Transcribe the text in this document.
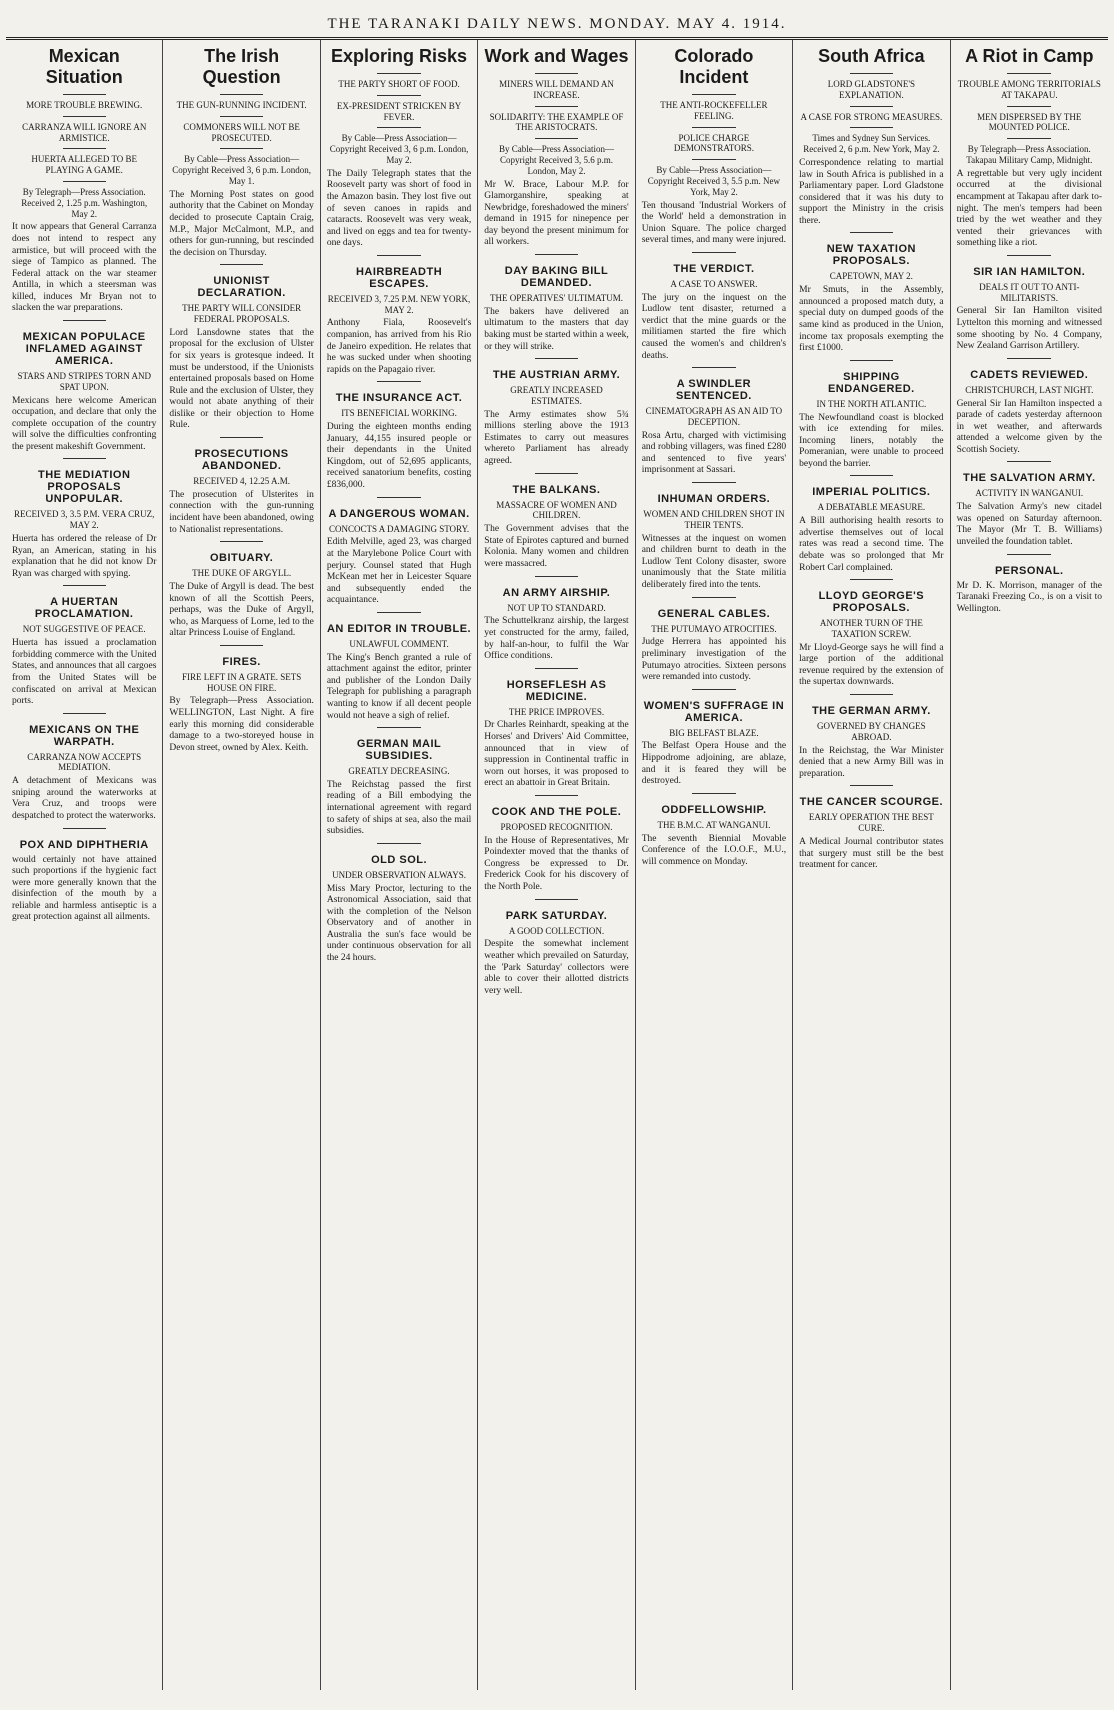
THE TARANAKI DAILY NEWS. MONDAY. MAY 4. 1914.
Mexican Situation
MORE TROUBLE BREWING.
CARRANZA WILL IGNORE AN ARMISTICE.
HUERTA ALLEGED TO BE PLAYING A GAME.
By Telegraph—Press Association. Received 2, 1.25 p.m. Washington, May 2.
It now appears that General Carranza does not intend to respect any armistice, but will proceed with the siege of Tampico as planned. The Federal attack on the war steamer Antilla, in which a steersman was killed, induces Mr Bryan not to slacken the war preparations.
MEXICAN POPULACE INFLAMED AGAINST AMERICA.
STARS AND STRIPES TORN AND SPAT UPON.
Mexicans here welcome American occupation, and declare that only the complete occupation of the country will solve the difficulties confronting the present makeshift Government.
THE MEDIATION PROPOSALS UNPOPULAR.
RECEIVED 3, 3.5 P.M. VERA CRUZ, MAY 2.
Huerta has ordered the release of Dr Ryan, an American, stating in his explanation that he did not know Dr Ryan was charged with spying.
A HUERTAN PROCLAMATION.
NOT SUGGESTIVE OF PEACE.
Huerta has issued a proclamation forbidding commerce with the United States, and announces that all cargoes from the United States will be confiscated on arrival at Mexican ports.
MEXICANS ON THE WARPATH.
CARRANZA NOW ACCEPTS MEDIATION.
A detachment of Mexicans was sniping around the waterworks at Vera Cruz, and troops were despatched to protect the waterworks.
POX AND DIPHTHERIA
would certainly not have attained such proportions if the hygienic fact were more generally known that the disinfection of the mouth by a reliable and harmless antiseptic is a great protection against all ailments.
The Irish Question
THE GUN-RUNNING INCIDENT.
COMMONERS WILL NOT BE PROSECUTED.
By Cable—Press Association—Copyright Received 3, 6 p.m. London, May 1.
The Morning Post states on good authority that the Cabinet on Monday decided to prosecute Captain Craig, M.P., Major McCalmont, M.P., and others for gun-running, but rescinded the decision on Thursday.
UNIONIST DECLARATION.
THE PARTY WILL CONSIDER FEDERAL PROPOSALS.
Lord Lansdowne states that the proposal for the exclusion of Ulster for six years is grotesque indeed. It must be understood, if the Unionists entertained proposals based on Home Rule and the exclusion of Ulster, they would not abate anything of their dislike or their objection to Home Rule.
PROSECUTIONS ABANDONED.
RECEIVED 4, 12.25 A.M.
The prosecution of Ulsterites in connection with the gun-running incident have been abandoned, owing to Nationalist representations.
OBITUARY.
THE DUKE OF ARGYLL.
The Duke of Argyll is dead. The best known of all the Scottish Peers, perhaps, was the Duke of Argyll, who, as Marquess of Lorne, led to the altar Princess Louise of England.
FIRES.
FIRE LEFT IN A GRATE. SETS HOUSE ON FIRE.
By Telegraph—Press Association. WELLINGTON, Last Night. A fire early this morning did considerable damage to a two-storeyed house in Devon street, owned by Alex. Keith.
Exploring Risks
THE PARTY SHORT OF FOOD.
EX-PRESIDENT STRICKEN BY FEVER.
By Cable—Press Association—Copyright Received 3, 6 p.m. London, May 2.
The Daily Telegraph states that the Roosevelt party was short of food in the Amazon basin. They lost five out of seven canoes in rapids and cataracts. Roosevelt was very weak, and lived on eggs and tea for twenty-one days.
HAIRBREADTH ESCAPES.
RECEIVED 3, 7.25 P.M. NEW YORK, MAY 2.
Anthony Fiala, Roosevelt's companion, has arrived from his Rio de Janeiro expedition. He relates that he was sucked under when shooting rapids on the Papagaio river.
THE INSURANCE ACT.
ITS BENEFICIAL WORKING.
During the eighteen months ending January, 44,155 insured people or their dependants in the United Kingdom, out of 52,695 applicants, received sanatorium benefits, costing £836,000.
A DANGEROUS WOMAN.
CONCOCTS A DAMAGING STORY.
Edith Melville, aged 23, was charged at the Marylebone Police Court with perjury. Counsel stated that Hugh McKean met her in Leicester Square and subsequently ended the acquaintance.
AN EDITOR IN TROUBLE.
UNLAWFUL COMMENT.
The King's Bench granted a rule of attachment against the editor, printer and publisher of the London Daily Telegraph for publishing a paragraph wanting to know if all decent people would not heave a sigh of relief.
GERMAN MAIL SUBSIDIES.
GREATLY DECREASING.
The Reichstag passed the first reading of a Bill embodying the international agreement with regard to safety of ships at sea, also the mail subsidies.
OLD SOL.
UNDER OBSERVATION ALWAYS.
Miss Mary Proctor, lecturing to the Astronomical Association, said that with the completion of the Nelson Observatory and of another in Australia the sun's face would be under continuous observation for all the 24 hours.
Work and Wages
MINERS WILL DEMAND AN INCREASE.
SOLIDARITY: THE EXAMPLE OF THE ARISTOCRATS.
By Cable—Press Association—Copyright Received 3, 5.6 p.m. London, May 2.
Mr W. Brace, Labour M.P. for Glamorganshire, speaking at Newbridge, foreshadowed the miners' demand in 1915 for ninepence per day beyond the present minimum for all workers.
DAY BAKING BILL DEMANDED.
THE OPERATIVES' ULTIMATUM.
The bakers have delivered an ultimatum to the masters that day baking must be started within a week, or they will strike.
THE AUSTRIAN ARMY.
GREATLY INCREASED ESTIMATES.
The Army estimates show 5¾ millions sterling above the 1913 Estimates to carry out measures whereto Parliament has already agreed.
THE BALKANS.
MASSACRE OF WOMEN AND CHILDREN.
The Government advises that the State of Epirotes captured and burned Kolonia. Many women and children were massacred.
AN ARMY AIRSHIP.
NOT UP TO STANDARD.
The Schuttelkranz airship, the largest yet constructed for the army, failed, by half-an-hour, to fulfil the War Office conditions.
HORSEFLESH AS MEDICINE.
THE PRICE IMPROVES.
Dr Charles Reinhardt, speaking at the Horses' and Drivers' Aid Committee, announced that in view of suppression in Continental traffic in worn out horses, it was proposed to erect an abattoir in Great Britain.
COOK AND THE POLE.
PROPOSED RECOGNITION.
In the House of Representatives, Mr Poindexter moved that the thanks of Congress be expressed to Dr. Frederick Cook for his discovery of the North Pole.
PARK SATURDAY.
A GOOD COLLECTION.
Despite the somewhat inclement weather which prevailed on Saturday, the 'Park Saturday' collectors were able to cover their allotted districts very well.
Colorado Incident
THE ANTI-ROCKEFELLER FEELING.
POLICE CHARGE DEMONSTRATORS.
By Cable—Press Association—Copyright Received 3, 5.5 p.m. New York, May 2.
Ten thousand 'Industrial Workers of the World' held a demonstration in Union Square. The police charged several times, and many were injured.
THE VERDICT.
A CASE TO ANSWER.
The jury on the inquest on the Ludlow tent disaster, returned a verdict that the mine guards or the militiamen started the fire which caused the women's and children's deaths.
A SWINDLER SENTENCED.
CINEMATOGRAPH AS AN AID TO DECEPTION.
Rosa Artu, charged with victimising and robbing villagers, was fined £280 and sentenced to five years' imprisonment at Sassari.
INHUMAN ORDERS.
WOMEN AND CHILDREN SHOT IN THEIR TENTS.
Witnesses at the inquest on women and children burnt to death in the Ludlow Tent Colony disaster, swore unanimously that the State militia deliberately fired into the tents.
GENERAL CABLES.
THE PUTUMAYO ATROCITIES.
Judge Herrera has appointed his preliminary investigation of the Putumayo atrocities. Sixteen persons were remanded into custody.
WOMEN'S SUFFRAGE IN AMERICA.
BIG BELFAST BLAZE.
The Belfast Opera House and the Hippodrome adjoining, are ablaze, and it is feared they will be destroyed.
ODDFELLOWSHIP.
THE B.M.C. AT WANGANUI.
The seventh Biennial Movable Conference of the I.O.O.F., M.U., will commence on Monday.
South Africa
LORD GLADSTONE'S EXPLANATION.
A CASE FOR STRONG MEASURES.
Times and Sydney Sun Services. Received 2, 6 p.m. New York, May 2.
Correspondence relating to martial law in South Africa is published in a Parliamentary paper. Lord Gladstone considered that it was his duty to support the Ministry in the crisis there.
NEW TAXATION PROPOSALS.
CAPETOWN, MAY 2.
Mr Smuts, in the Assembly, announced a proposed match duty, a special duty on dumped goods of the same kind as produced in the Union, income tax proposals exempting the first £1000.
SHIPPING ENDANGERED.
IN THE NORTH ATLANTIC.
The Newfoundland coast is blocked with ice extending for miles. Incoming liners, notably the Pomeranian, were unable to proceed beyond the barrier.
IMPERIAL POLITICS.
A DEBATABLE MEASURE.
A Bill authorising health resorts to advertise themselves out of local rates was read a second time. The debate was so prolonged that Mr Robert Carl complained.
LLOYD GEORGE'S PROPOSALS.
ANOTHER TURN OF THE TAXATION SCREW.
Mr Lloyd-George says he will find a large portion of the additional revenue required by the extension of the supertax downwards.
THE GERMAN ARMY.
GOVERNED BY CHANGES ABROAD.
In the Reichstag, the War Minister denied that a new Army Bill was in preparation.
THE CANCER SCOURGE.
EARLY OPERATION THE BEST CURE.
A Medical Journal contributor states that surgery must still be the best treatment for cancer.
A Riot in Camp
TROUBLE AMONG TERRITORIALS AT TAKAPAU.
MEN DISPERSED BY THE MOUNTED POLICE.
By Telegraph—Press Association. Takapau Military Camp, Midnight.
A regrettable but very ugly incident occurred at the divisional encampment at Takapau after dark to-night. The men's tempers had been tried by the wet weather and they vented their grievances with something like a riot.
SIR IAN HAMILTON.
DEALS IT OUT TO ANTI-MILITARISTS.
General Sir Ian Hamilton visited Lyttelton this morning and witnessed some shooting by No. 4 Company, New Zealand Garrison Artillery.
CADETS REVIEWED.
CHRISTCHURCH, LAST NIGHT.
General Sir Ian Hamilton inspected a parade of cadets yesterday afternoon in wet weather, and afterwards attended a welcome given by the Scottish Society.
THE SALVATION ARMY.
ACTIVITY IN WANGANUI.
The Salvation Army's new citadel was opened on Saturday afternoon. The Mayor (Mr T. B. Williams) unveiled the foundation tablet.
PERSONAL.
Mr D. K. Morrison, manager of the Taranaki Freezing Co., is on a visit to Wellington.
